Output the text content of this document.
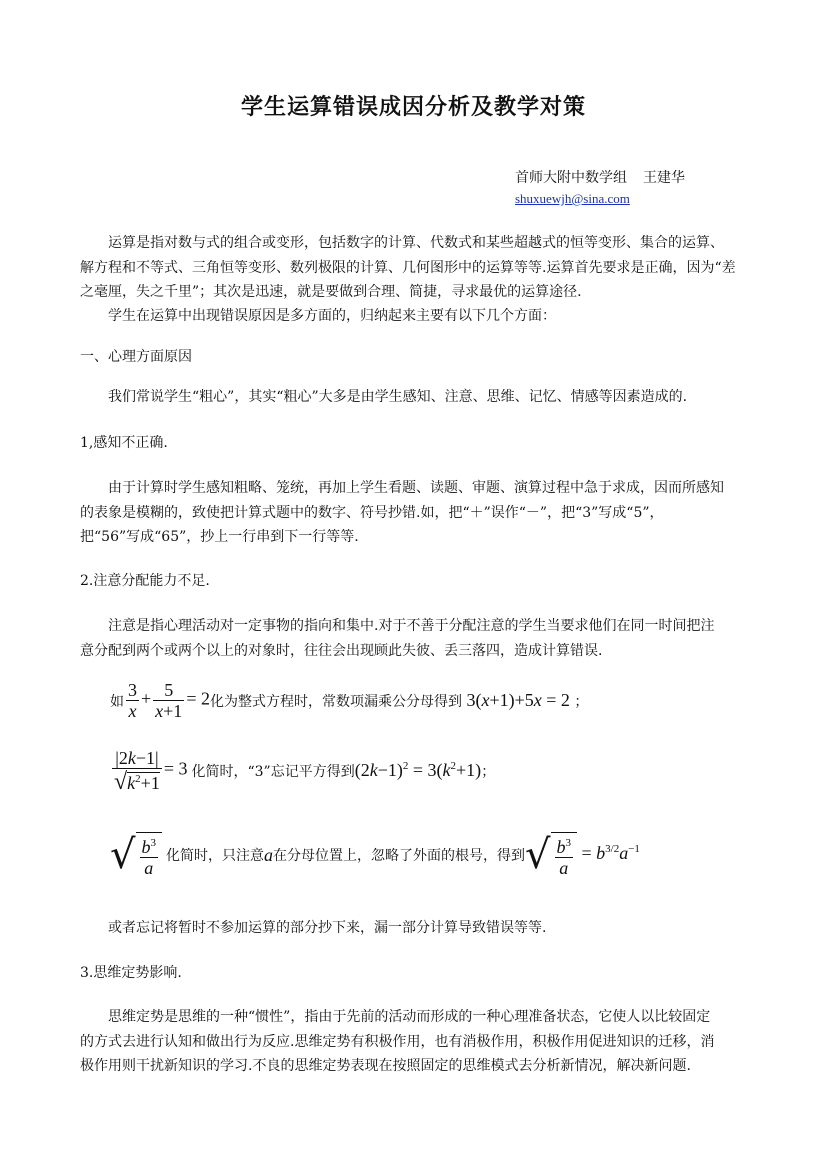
学生运算错误成因分析及教学对策
首师大附中数学组 王建华
shuxuewjh@sina.com
运算是指对数与式的组合或变形，包括数字的计算、代数式和某些超越式的恒等变形、集合的运算、
解方程和不等式、三角恒等变形、数列极限的计算、几何图形中的运算等等.运算首先要求是正确，因为“差
之毫厘，失之千里”；其次是迅速，就是要做到合理、简捷，寻求最优的运算途径.
学生在运算中出现错误原因是多方面的，归纳起来主要有以下几个方面：
一、心理方面原因
我们常说学生“粗心”，其实“粗心”大多是由学生感知、注意、思维、记忆、情感等因素造成的.
1,感知不正确.
由于计算时学生感知粗略、笼统，再加上学生看题、读题、审题、演算过程中急于求成，因而所感知
的表象是模糊的，致使把计算式题中的数字、符号抄错.如，把“＋”误作“－”，把“3”写成“5”，
把“56”写成“65”，抄上一行串到下一行等等.
2.注意分配能力不足.
注意是指心理活动对一定事物的指向和集中.对于不善于分配注意的学生当要求他们在同一时间把注
意分配到两个或两个以上的对象时，往往会出现顾此失彼、丢三落四，造成计算错误.
如 $\frac{3}{x} + \frac{5}{x+1} = 2$ 化为整式方程时，常数项漏乘公分母得到 3(x+1)+5x = 2 ；
$\frac{|2k-1|}{√k^2+1} = 3$ 化简时，“3”忘记平方得到 $(2k-1)^2 = 3(k^2+1)$ ；
√ $\frac{b^3}{a}$ 化简时，只注意 a 在分母位置上，忽略了外面的根号，得到 √ $\frac{b^3}{a} = b^{3/2}a^{-1}$
或者忘记将暂时不参加运算的部分抄下来，漏一部分计算导致错误等等.
3.思维定势影响.
思维定势是思维的一种“惯性”，指由于先前的活动而形成的一种心理准备状态，它使人以比较固定
的方式去进行认知和做出行为反应.思维定势有积极作用，也有消极作用，积极作用促进知识的迁移，消
极作用则干扰新知识的学习.不良的思维定势表现在按照固定的思维模式去分析新情况，解决新问题.
